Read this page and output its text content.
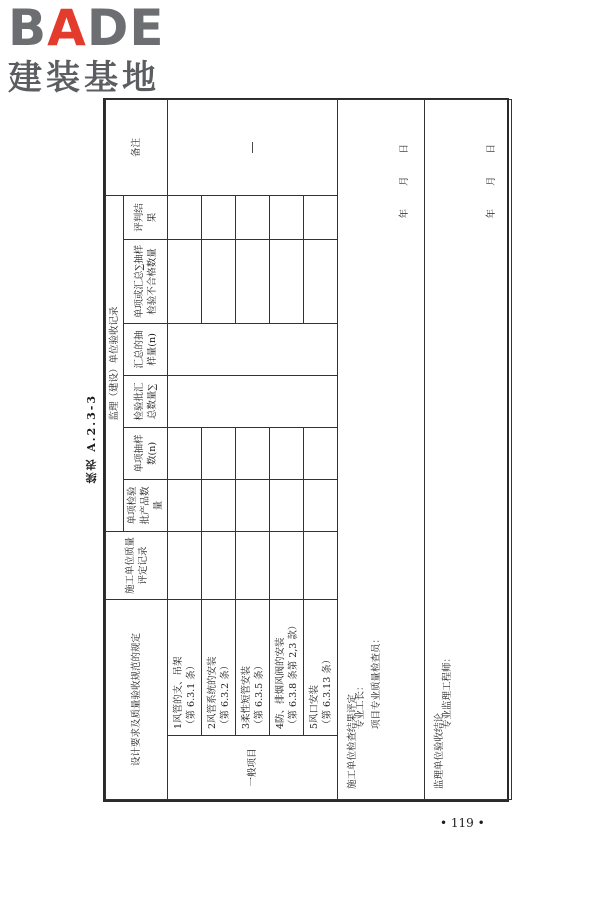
BADE
建装基地
续表 A.2.3-3
设计要求及质量验收规范的规定		施工单位质量评定记录	监理（建设）单位验收记录						备注
			单项检验批产品数量	单项抽样数(n)	检验批汇总数量∑	汇总的抽样量(n)	单项或汇总∑抽样检验不合格数量	评判结果	
一般项目	1风管的支、吊架 （第 6.3.1 条）								—
	2风管系统的安装 （第 6.3.2 条）								
	3柔性短管安装 （第 6.3.5 条）								
	4防、排烟风阀的安装 （第 6.3.8 条第 2,3 款）								
	5风口安装 （第 6.3.13 条）								

施工单位检查结果评定
专业工长： 项目专业质量检查员：
年 月 日									

监理单位验收结论
专业监理工程师：
年 月 日									
• 119 •
